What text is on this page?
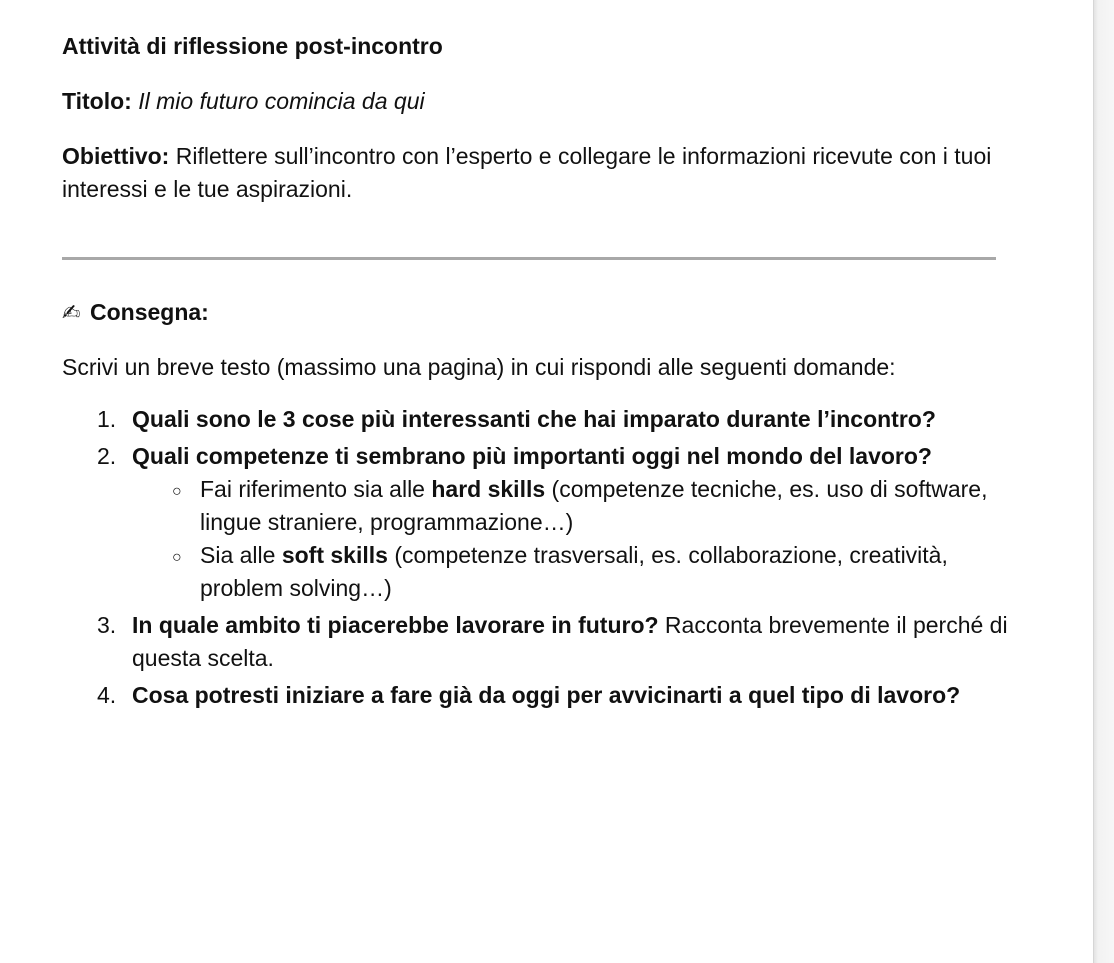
Attività di riflessione post-incontro

Titolo: Il mio futuro comincia da qui

Obiettivo: Riflettere sull’incontro con l’esperto e collegare le informazioni ricevute con i tuoi interessi e le tue aspirazioni.

✍ Consegna:

Scrivi un breve testo (massimo una pagina) in cui rispondi alle seguenti domande:

1. Quali sono le 3 cose più interessanti che hai imparato durante l’incontro?
2. Quali competenze ti sembrano più importanti oggi nel mondo del lavoro?
○ Fai riferimento sia alle hard skills (competenze tecniche, es. uso di software, lingue straniere, programmazione…)
○ Sia alle soft skills (competenze trasversali, es. collaborazione, creatività, problem solving…)
3. In quale ambito ti piacerebbe lavorare in futuro? Racconta brevemente il perché di questa scelta.
4. Cosa potresti iniziare a fare già da oggi per avvicinarti a quel tipo di lavoro?
